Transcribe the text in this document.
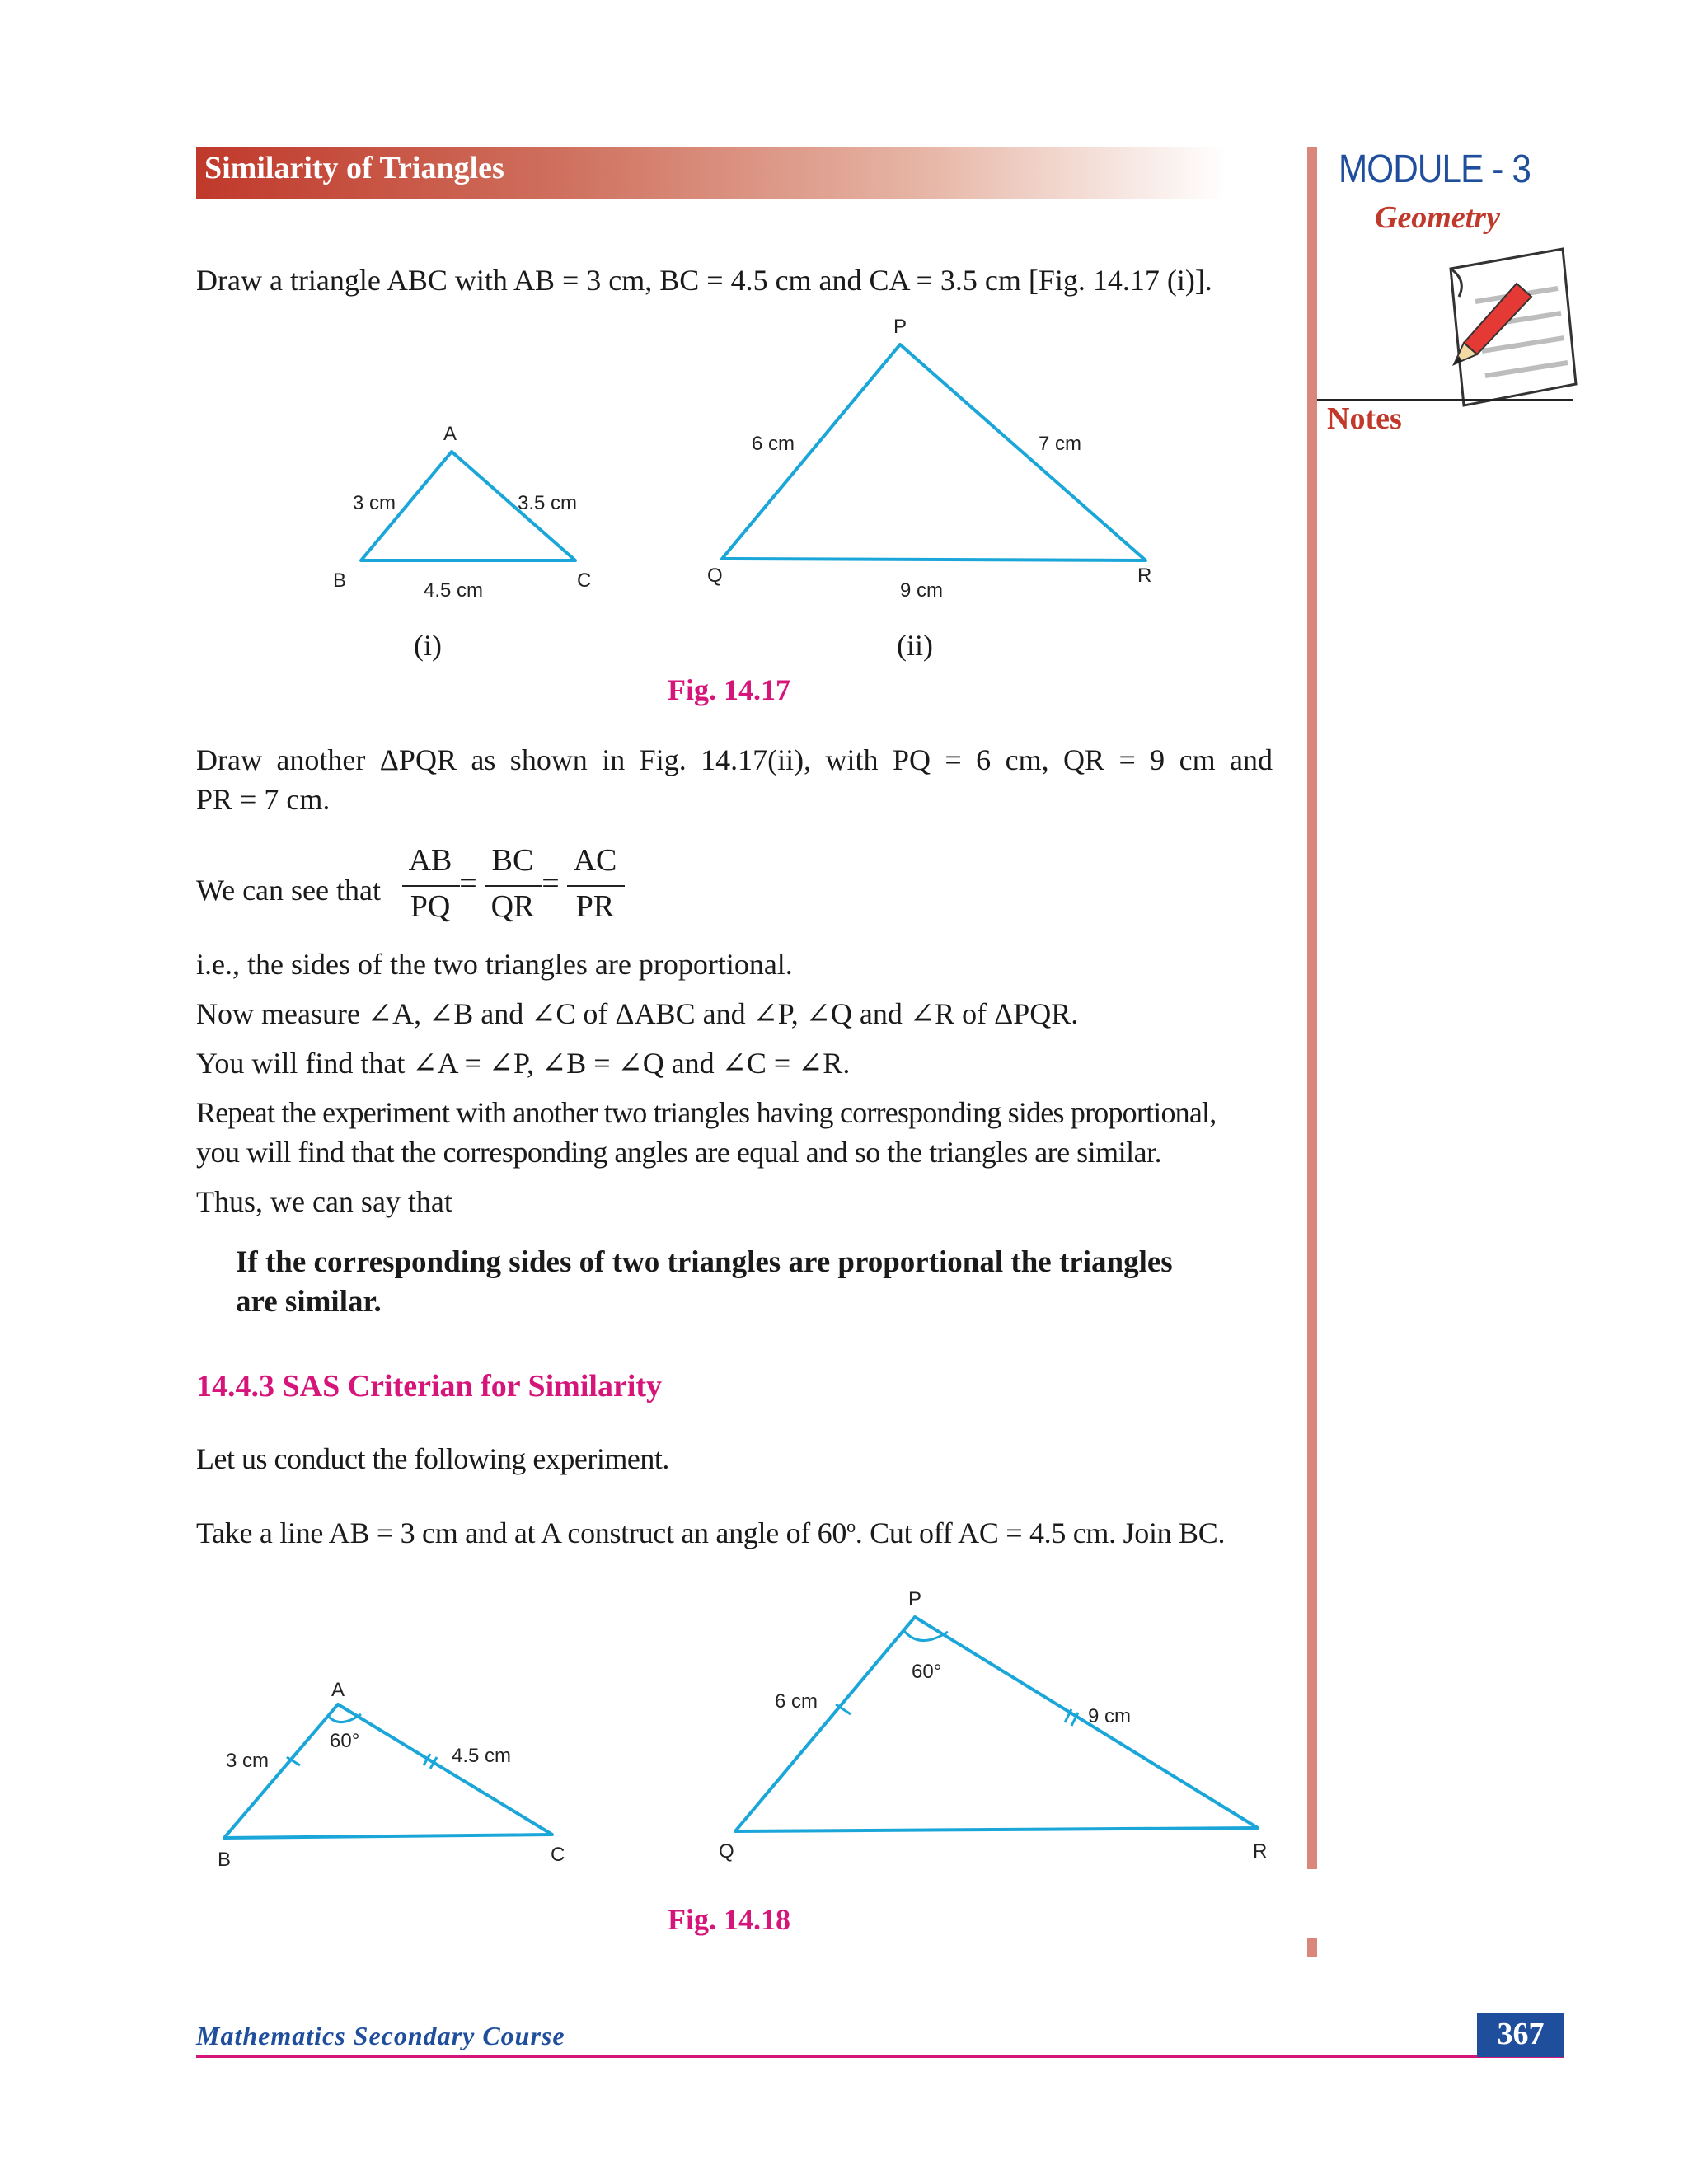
Similarity of Triangles	MODULE - 3
Geometry
Notes
Draw a triangle ABC with AB = 3 cm, BC = 4.5 cm and CA = 3.5 cm [Fig. 14.17 (i)].
A
B	C
3 cm	3.5 cm
4.5 cm
P
Q	R
6 cm	7 cm
9 cm
(i)	(ii)
Fig. 14.17
Draw another ΔPQR as shown in Fig. 14.17(ii), with PQ = 6 cm, QR = 9 cm and
PR = 7 cm.
We can see that
AB
PQ
=
BC
QR
=
AC
PR
i.e., the sides of the two triangles are proportional.
Now measure ∠A, ∠B and ∠C of ΔABC and ∠P, ∠Q and ∠R of ΔPQR.
You will find that ∠A = ∠P, ∠B = ∠Q and ∠C = ∠R.
Repeat the experiment with another two triangles having corresponding sides proportional,
you will find that the corresponding angles are equal and so the triangles are similar.
Thus, we can say that
If the corresponding sides of two triangles are proportional the triangles
are similar.
14.4.3 SAS Criterian for Similarity
Let us conduct the following experiment.
Take a line AB = 3 cm and at A construct an angle of 60$^o$. Cut off AC = 4.5 cm. Join BC.
A
B	C
3 cm	4.5 cm
60°
P
Q	R
6 cm
9 cm
60°
Fig. 14.18
Mathematics Secondary Course	367
